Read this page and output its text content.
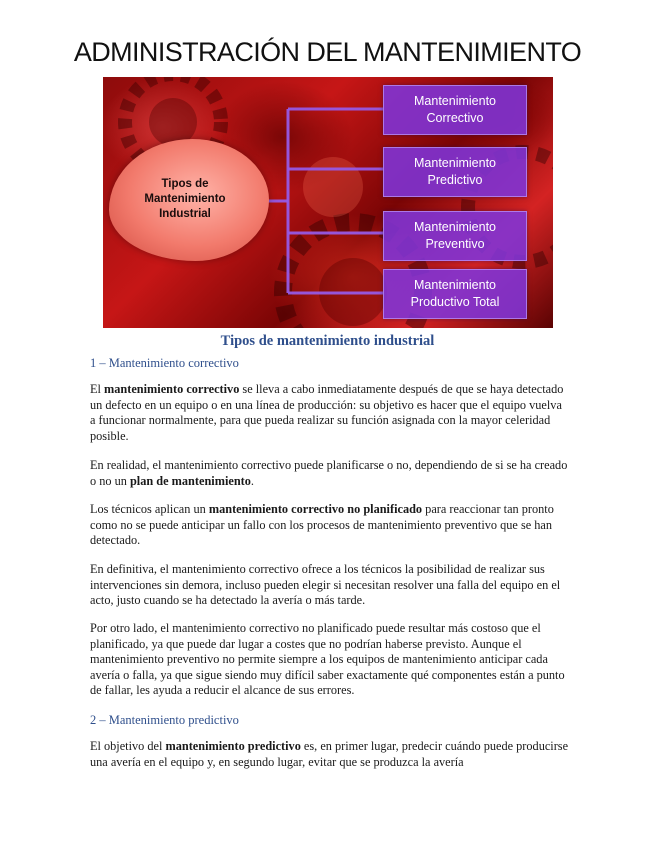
ADMINISTRACIÓN DEL MANTENIMIENTO
Tipos de
Mantenimiento
Industrial
Mantenimiento
Correctivo
Mantenimiento
Predictivo
Mantenimiento
Preventivo
Mantenimiento
Productivo Total
Tipos de mantenimiento industrial
1 – Mantenimiento correctivo

El mantenimiento correctivo se lleva a cabo inmediatamente después de que se haya detectado un defecto en un equipo o en una línea de producción: su objetivo es hacer que el equipo vuelva a funcionar normalmente, para que pueda realizar su función asignada con la mayor celeridad posible.

En realidad, el mantenimiento correctivo puede planificarse o no, dependiendo de si se ha creado o no un plan de mantenimiento.

Los técnicos aplican un mantenimiento correctivo no planificado para reaccionar tan pronto como no se puede anticipar un fallo con los procesos de mantenimiento preventivo que se han detectado.

En definitiva, el mantenimiento correctivo ofrece a los técnicos la posibilidad de realizar sus intervenciones sin demora, incluso pueden elegir si necesitan resolver una falla del equipo en el acto, justo cuando se ha detectado la avería o más tarde.

Por otro lado, el mantenimiento correctivo no planificado puede resultar más costoso que el planificado, ya que puede dar lugar a costes que no podrían haberse previsto. Aunque el mantenimiento preventivo no permite siempre a los equipos de mantenimiento anticipar cada avería o falla, ya que sigue siendo muy difícil saber exactamente qué componentes están a punto de fallar, les ayuda a reducir el alcance de sus errores.

2 – Mantenimiento predictivo

El objetivo del mantenimiento predictivo es, en primer lugar, predecir cuándo puede producirse una avería en el equipo y, en segundo lugar, evitar que se produzca la avería
